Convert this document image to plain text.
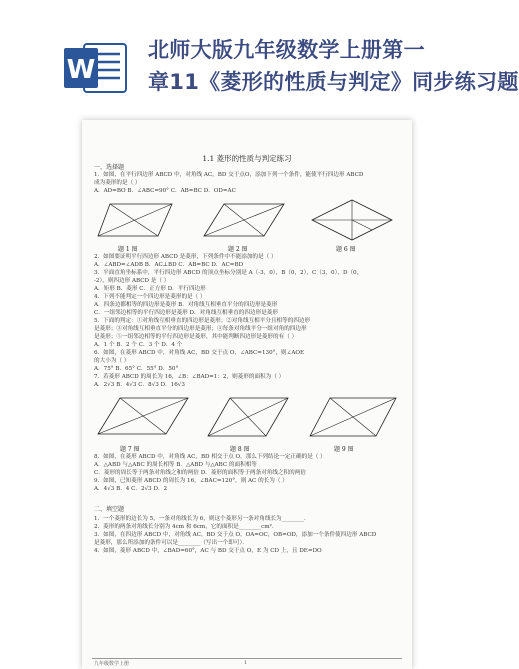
W
北师大版九年级数学上册第一
章11《菱形的性质与判定》同步练习题
1.1 菱形的性质与判定练习
一、选择题
1．如图，在平行四边形 ABCD 中，对角线 AC，BD 交于点O，添加下列一个条件，能使平行四边形 ABCD
成为菱形的是（ ）
A．AD=BO B．∠ABC=90° C．AB=BC D．OD=AC
题 1 图	题 2 图	题 6 图
2．如图要证明平行四边形 ABCD 是菱形，下列条件中不能添加的是（ ）
A．∠ABD=∠ADB B．AC⊥BD C．AB=BC D．AC=BD
3．平面直角坐标系中，平行四边形 ABCD 的顶点坐标分别是 A（-3，0），B（0，2），C（3，0），D（0，
-2），则四边形 ABCD 是（ ）
A．矩形 B．菱形 C．正方形 D．平行四边形
4．下列不能判定一个四边形是菱形的是（ ）
A．四条边都相等的四边形是菱形 B．对角线互相垂直平分的四边形是菱形
C．一组邻边相等的平行四边形是菱形 D．对角线互相垂直的四边形是菱形
5．下面的判定：①对角线互相垂直的四边形是菱形；②对角线互相平分且相等的四边形
是菱形；③对角线互相垂直平分的四边形是菱形；④每条对角线平分一组对角的四边形
是菱形；⑤一组邻边相等的平行四边形是菱形，其中能判断四边形是菱形的有（ ）
A．1 个 B．2 个 C．3 个 D．4 个
6．如图，在菱形 ABCD 中，对角线 AC，BD 交于点 O，∠ABC=130°，则∠AOE
的大小为（ ）
A．75° B．65° C．55° D．50°
7．若菱形 ABCD 的周长为 16，∠B：∠BAD=1：2，则菱形的面积为（ ）
A．2√3 B．4√3 C．8√3 D．16√3
题 7 图	题 8 图	题 9 图
8．如图，在菱形 ABCD 中，对角线 AC，BD 相交于点 O，那么下列结论一定正确的是（ ）
A．△ABD 与△ABC 的周长相等 B．△ABD 与△ABC 的面积相等
C．菱形的周长等于两条对角线之和的两倍 D．菱形的面积等于两条对角线之积的两倍
9．如图，已知菱形 ABCD 的周长为 16，∠BAC=120°，则 AC 的长为（ ）
A．4√3 B．4 C．2√3 D．2
二、填空题
1．一个菱形的边长为 5，一条对角线长为 6，则这个菱形另一条对角线长为________．
2．菱形的两条对角线长分别为 4cm 和 6cm，它的面积是________cm²．
3．如图，在四边形 ABCD 中，对角线 AC，BD 交于点 O，OA=OC，OB=OD，添加一个条件使四边形 ABCD
是菱形，那么所添加的条件可以是________（写出一个即可）．
4．如图，菱形 ABCD 中，∠BAD=60°，AC 与 BD 交于点 O，E 为 CD 上，且 DE=DO
九年级数学上册	1
